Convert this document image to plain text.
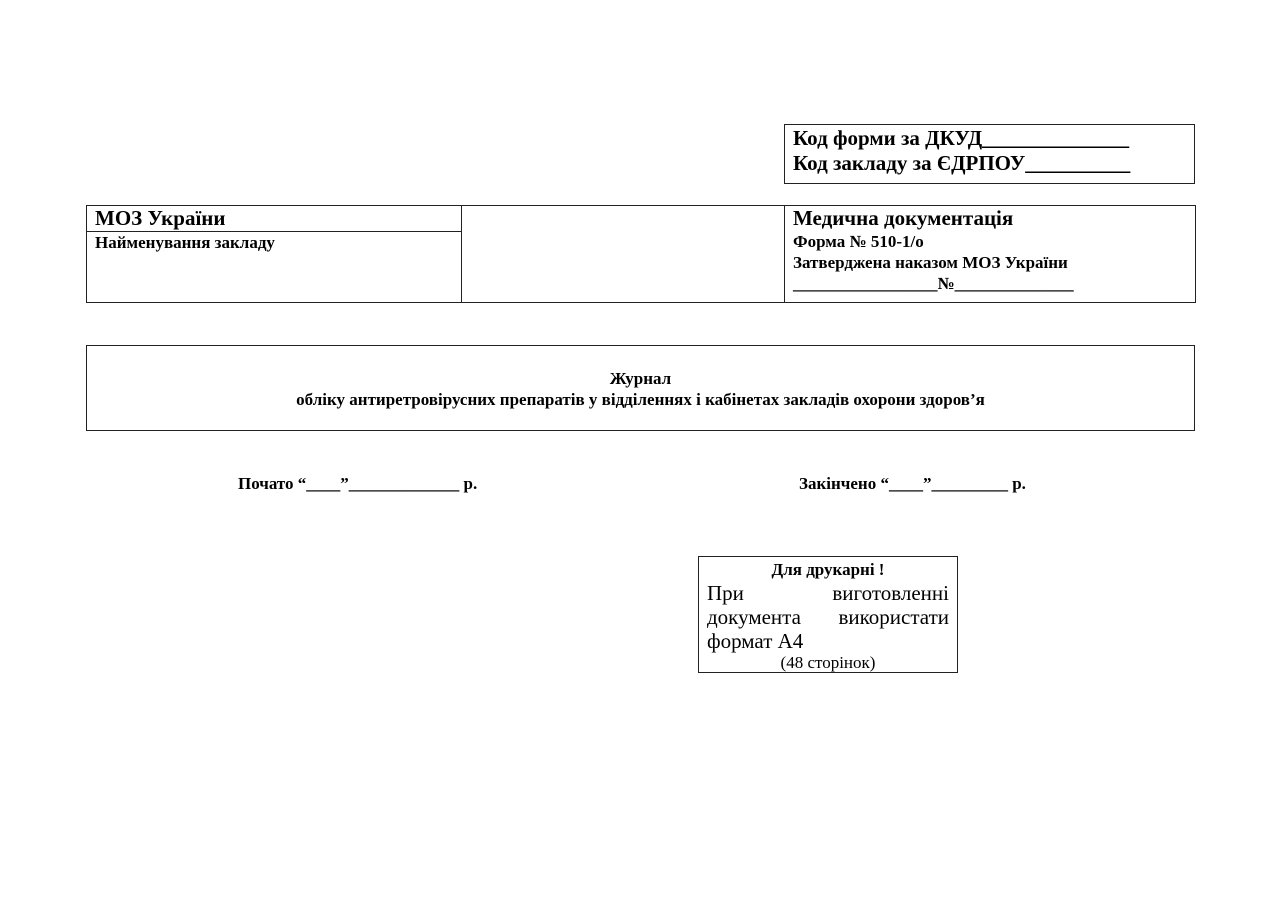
Код форми за ДКУД______________
Код закладу за ЄДРПОУ__________
МОЗ України		Медична документація
Форма № 510-1/о
Затверджена наказом МОЗ України
_________________№______________

Найменування закладу
Журнал
обліку антиретровірусних препаратів у відділеннях і кабінетах закладів охорони здоров’я
Почато “____”_____________ р.	Закінчено “____”_________ р.
Для друкарні !
При виготовленні документа використати формат А4
(48 сторінок)
